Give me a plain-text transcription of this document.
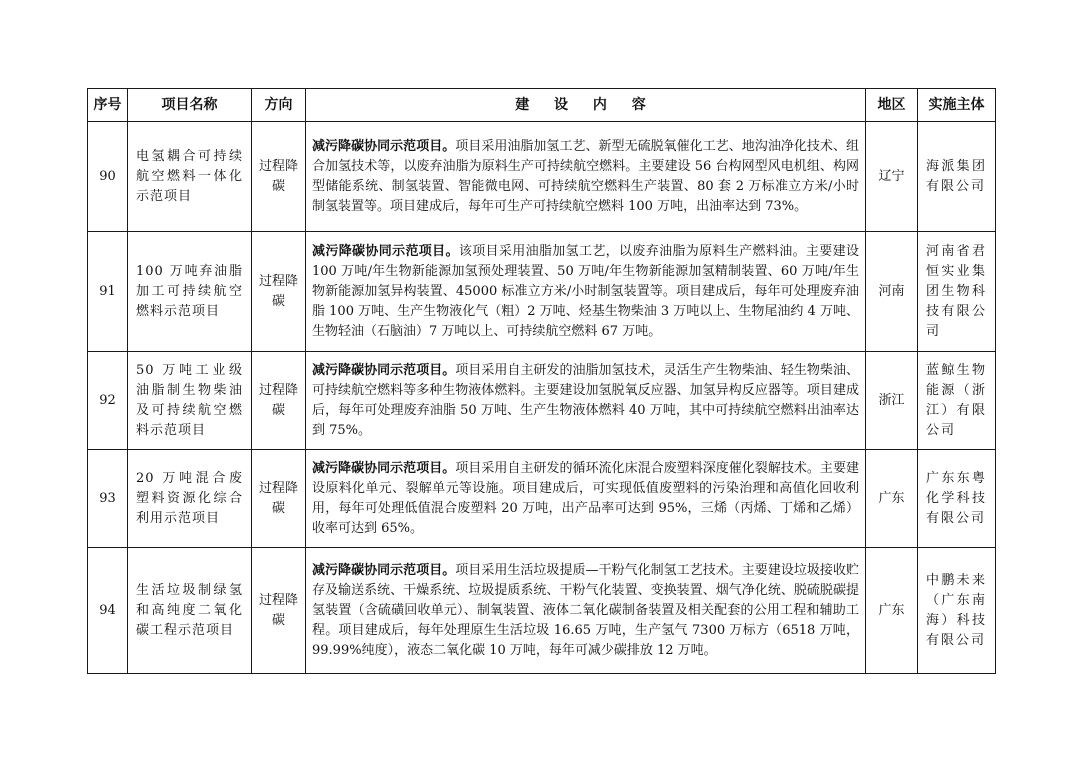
序号	项目名称	方向	建 设 内 容	地区	实施主体
90	电氢耦合可持续航空燃料一体化示范项目	过程降碳	减污降碳协同示范项目。项目采用油脂加氢工艺、新型无硫脱氧催化工艺、地沟油净化技术、组合加氢技术等，以废弃油脂为原料生产可持续航空燃料。主要建设 56 台构网型风电机组、构网型储能系统、制氢装置、智能微电网、可持续航空燃料生产装置、80 套 2 万标准立方米/小时制氢装置等。项目建成后，每年可生产可持续航空燃料 100 万吨，出油率达到 73%。	辽宁	海派集团有限公司
91	100 万吨弃油脂加工可持续航空燃料示范项目	过程降碳	减污降碳协同示范项目。该项目采用油脂加氢工艺，以废弃油脂为原料生产燃料油。主要建设 100 万吨/年生物新能源加氢预处理装置、50 万吨/年生物新能源加氢精制装置、60 万吨/年生物新能源加氢异构装置、45000 标准立方米/小时制氢装置等。项目建成后，每年可处理废弃油脂 100 万吨、生产生物液化气（粗）2 万吨、烃基生物柴油 3 万吨以上、生物尾油约 4 万吨、生物轻油（石脑油）7 万吨以上、可持续航空燃料 67 万吨。	河南	河南省君恒实业集团生物科技有限公司
92	50 万吨工业级油脂制生物柴油及可持续航空燃料示范项目	过程降碳	减污降碳协同示范项目。项目采用自主研发的油脂加氢技术，灵活生产生物柴油、轻生物柴油、可持续航空燃料等多种生物液体燃料。主要建设加氢脱氧反应器、加氢异构反应器等。项目建成后，每年可处理废弃油脂 50 万吨、生产生物液体燃料 40 万吨，其中可持续航空燃料出油率达到 75%。	浙江	蓝鲸生物能源（浙江）有限公司
93	20 万吨混合废塑料资源化综合利用示范项目	过程降碳	减污降碳协同示范项目。项目采用自主研发的循环流化床混合废塑料深度催化裂解技术。主要建设原料化单元、裂解单元等设施。项目建成后，可实现低值废塑料的污染治理和高值化回收利用，每年可处理低值混合废塑料 20 万吨，出产品率可达到 95%，三烯（丙烯、丁烯和乙烯）收率可达到 65%。	广东	广东东粤化学科技有限公司
94	生活垃圾制绿氢和高纯度二氧化碳工程示范项目	过程降碳	减污降碳协同示范项目。项目采用生活垃圾提质—干粉气化制氢工艺技术。主要建设垃圾接收贮存及输送系统、干燥系统、垃圾提质系统、干粉气化装置、变换装置、烟气净化统、脱硫脱碳提氢装置（含硫磺回收单元）、制氧装置、液体二氧化碳制备装置及相关配套的公用工程和辅助工程。项目建成后，每年处理原生生活垃圾 16.65 万吨，生产氢气 7300 万标方（6518 万吨，99.99%纯度），液态二氧化碳 10 万吨，每年可减少碳排放 12 万吨。	广东	中鹏未来（广东南海）科技有限公司
